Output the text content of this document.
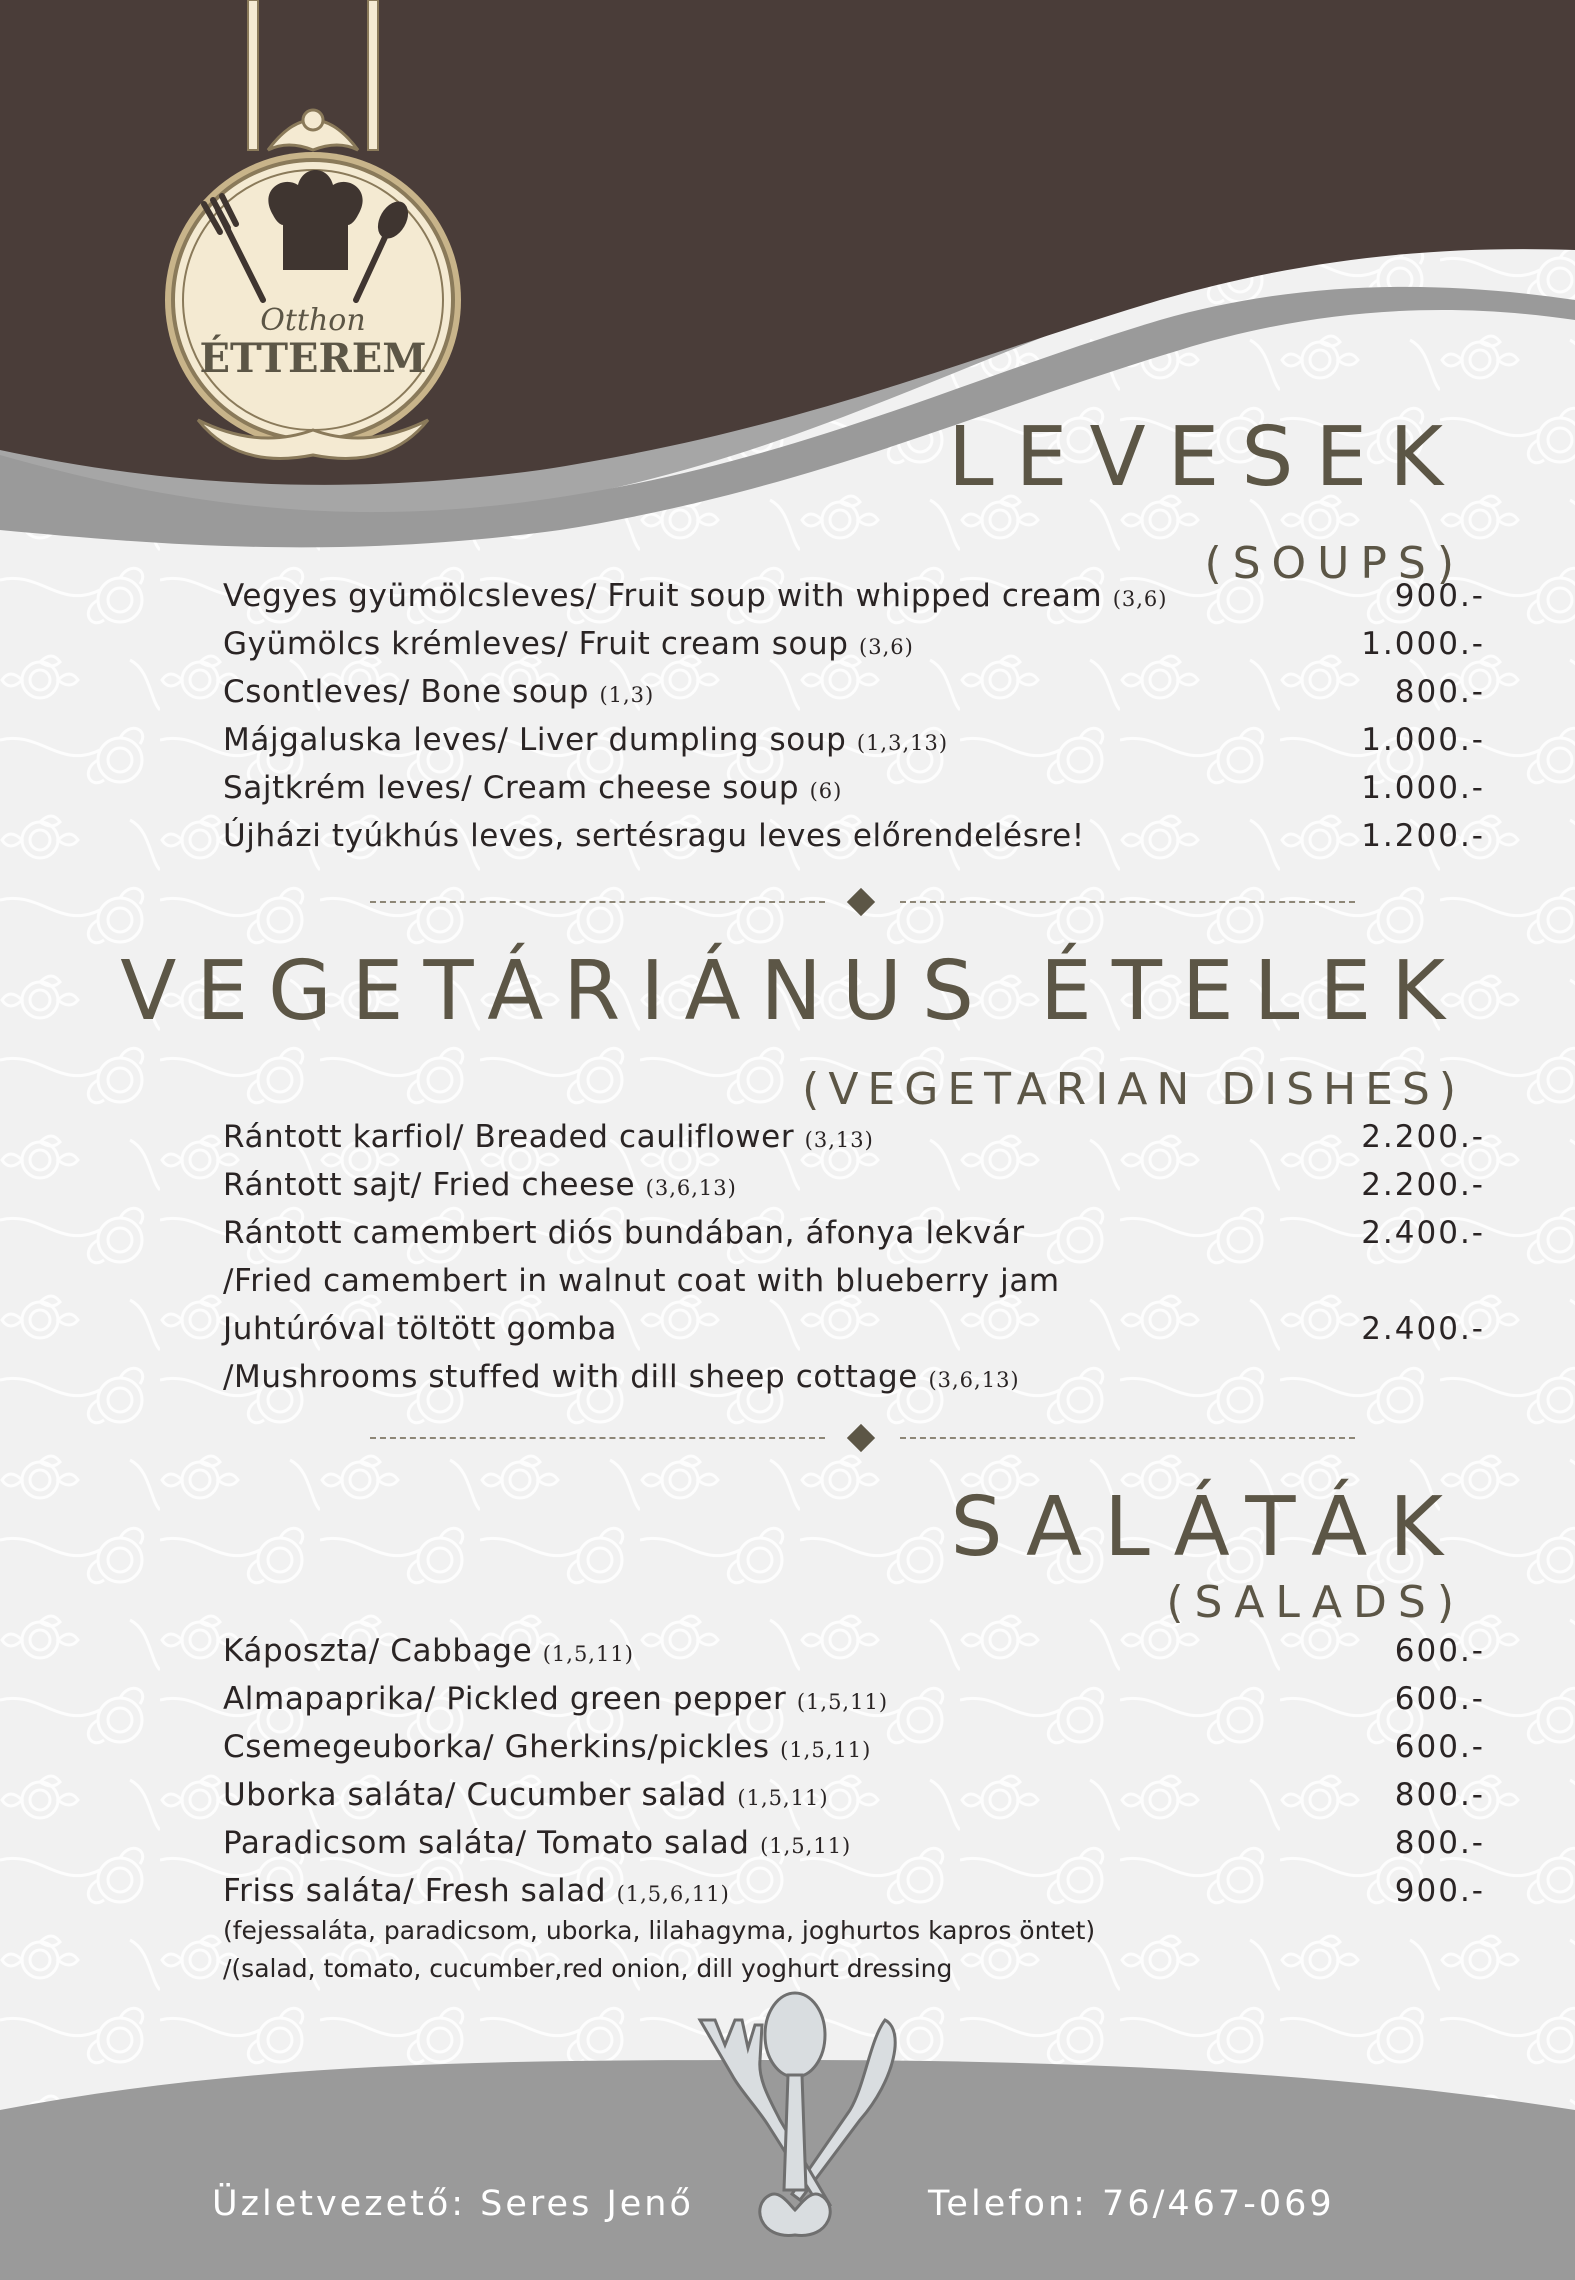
Otthon
ÉTTEREM
LEVESEK
(SOUPS)
Vegyes gyümölcsleves/ Fruit soup with whipped cream (3,6)	900.-
Gyümölcs krémleves/ Fruit cream soup (3,6)	1.000.-
Csontleves/ Bone soup (1,3)	800.-
Májgaluska leves/ Liver dumpling soup (1,3,13)	1.000.-
Sajtkrém leves/ Cream cheese soup (6)	1.000.-
Újházi tyúkhús leves, sertésragu leves előrendelésre!	1.200.-
VEGETÁRIÁNUS ÉTELEK
(VEGETARIAN DISHES)
Rántott karfiol/ Breaded cauliflower (3,13)	2.200.-
Rántott sajt/ Fried cheese (3,6,13)	2.200.-
Rántott camembert diós bundában, áfonya lekvár	2.400.-
/Fried camembert in walnut coat with blueberry jam
Juhtúróval töltött gomba	2.400.-
/Mushrooms stuffed with dill sheep cottage (3,6,13)
SALÁTÁK
(SALADS)
Káposzta/ Cabbage (1,5,11)	600.-
Almapaprika/ Pickled green pepper (1,5,11)	600.-
Csemegeuborka/ Gherkins/pickles (1,5,11)	600.-
Uborka saláta/ Cucumber salad (1,5,11)	800.-
Paradicsom saláta/ Tomato salad (1,5,11)	800.-
Friss saláta/ Fresh salad (1,5,6,11)	900.-
(fejessaláta, paradicsom, uborka, lilahagyma, joghurtos kapros öntet)
/(salad, tomato, cucumber,red onion, dill yoghurt dressing
Üzletvezető: Seres Jenő	Telefon: 76/467-069
